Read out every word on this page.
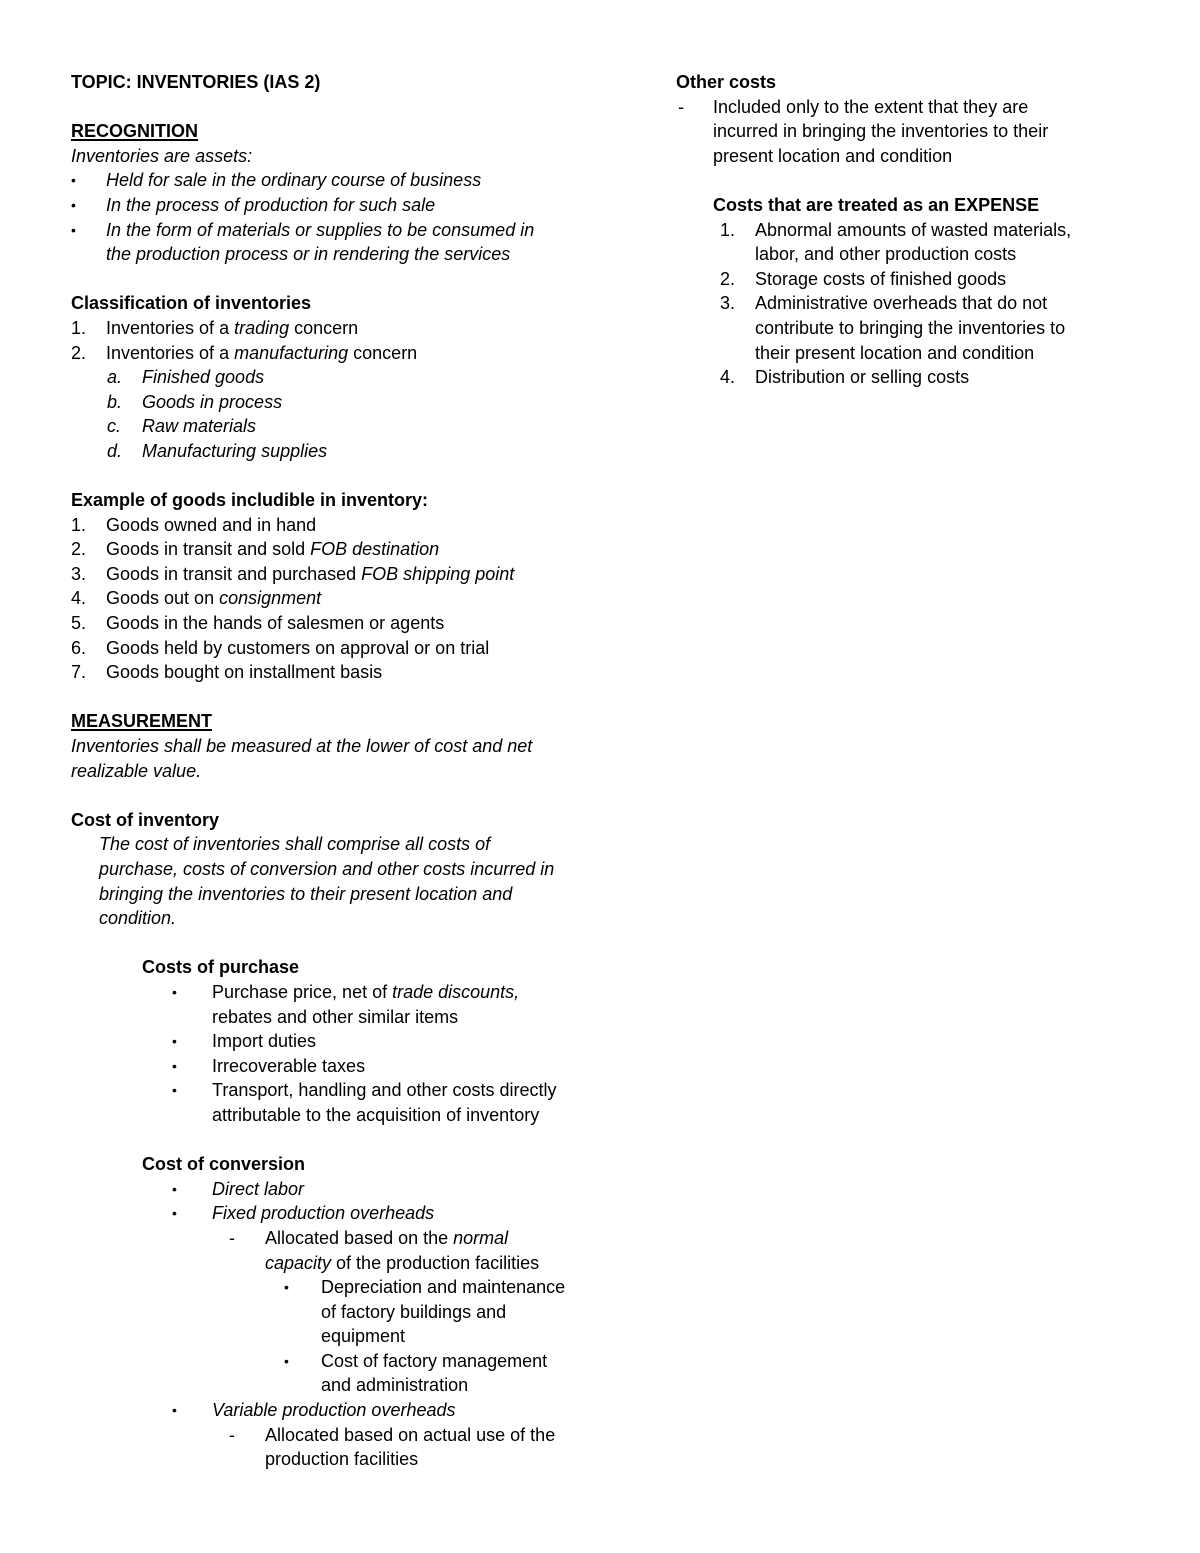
TOPIC: INVENTORIES (IAS 2)
RECOGNITION
Inventories are assets:
• Held for sale in the ordinary course of business
• In the process of production for such sale
• In the form of materials or supplies to be consumed in
the production process or in rendering the services
Classification of inventories
1. Inventories of a trading concern
2. Inventories of a manufacturing concern
a. Finished goods
b. Goods in process
c. Raw materials
d. Manufacturing supplies
Example of goods includible in inventory:
1. Goods owned and in hand
2. Goods in transit and sold FOB destination
3. Goods in transit and purchased FOB shipping point
4. Goods out on consignment
5. Goods in the hands of salesmen or agents
6. Goods held by customers on approval or on trial
7. Goods bought on installment basis
MEASUREMENT
Inventories shall be measured at the lower of cost and net
realizable value.
Cost of inventory
The cost of inventories shall comprise all costs of
purchase, costs of conversion and other costs incurred in
bringing the inventories to their present location and
condition.
Costs of purchase
• Purchase price, net of trade discounts,
rebates and other similar items
• Import duties
• Irrecoverable taxes
• Transport, handling and other costs directly
attributable to the acquisition of inventory
Cost of conversion
• Direct labor
• Fixed production overheads
- Allocated based on the normal
capacity of the production facilities
• Depreciation and maintenance
of factory buildings and
equipment
• Cost of factory management
and administration
• Variable production overheads
- Allocated based on actual use of the
production facilities
Other costs
- Included only to the extent that they are
incurred in bringing the inventories to their
present location and condition
Costs that are treated as an EXPENSE
1. Abnormal amounts of wasted materials,
labor, and other production costs
2. Storage costs of finished goods
3. Administrative overheads that do not
contribute to bringing the inventories to
their present location and condition
4. Distribution or selling costs
